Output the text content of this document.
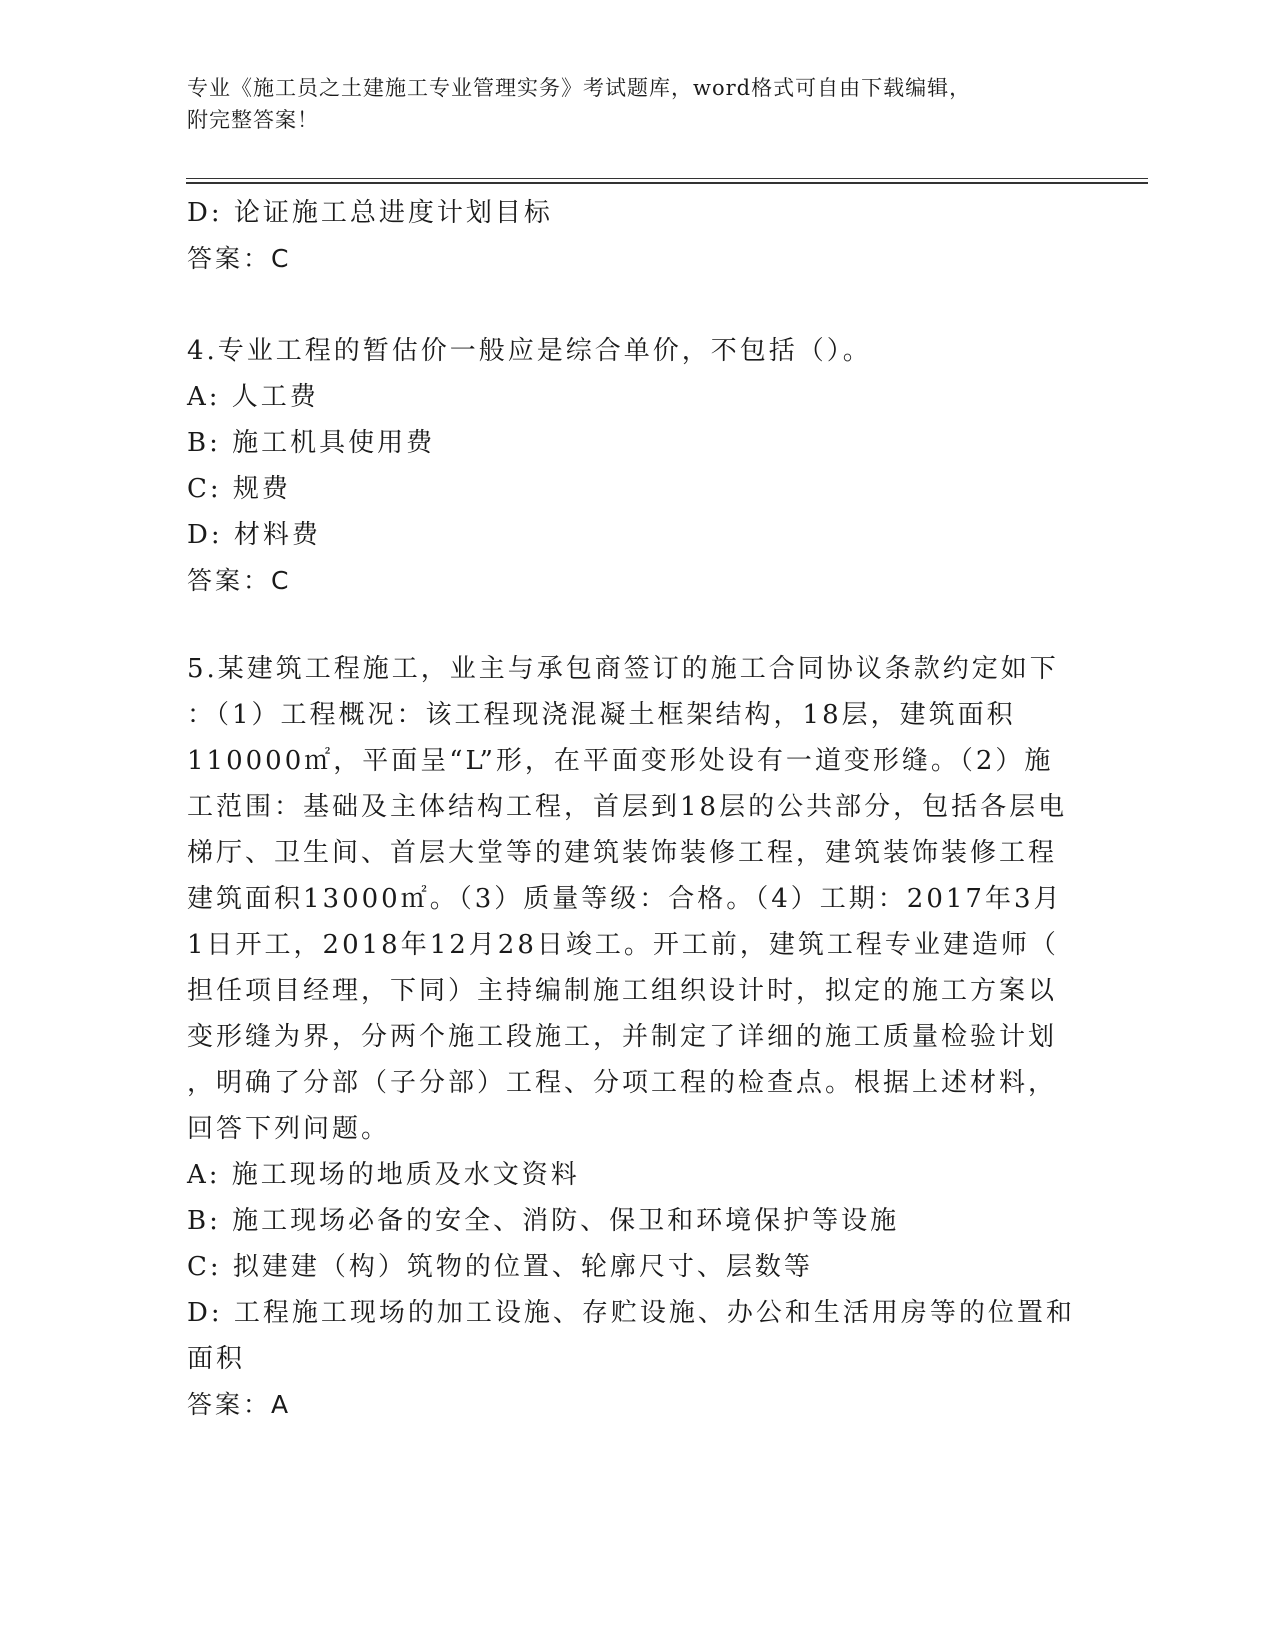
专业《施工员之土建施工专业管理实务》考试题库，word格式可自由下载编辑，
附完整答案！
D: 论证施工总进度计划目标
答案：C
4.专业工程的暂估价一般应是综合单价，不包括（）。
A: 人工费
B: 施工机具使用费
C: 规费
D: 材料费
答案：C
5.某建筑工程施工，业主与承包商签订的施工合同协议条款约定如下
：（1）工程概况：该工程现浇混凝土框架结构，18层，建筑面积
110000㎡，平面呈“L”形，在平面变形处设有一道变形缝。（2）施
工范围：基础及主体结构工程，首层到18层的公共部分，包括各层电
梯厅、卫生间、首层大堂等的建筑装饰装修工程，建筑装饰装修工程
建筑面积13000㎡。（3）质量等级：合格。（4）工期：2017年3月
1日开工，2018年12月28日竣工。开工前，建筑工程专业建造师（
担任项目经理，下同）主持编制施工组织设计时，拟定的施工方案以
变形缝为界，分两个施工段施工，并制定了详细的施工质量检验计划
，明确了分部（子分部）工程、分项工程的检查点。根据上述材料，
回答下列问题。
A: 施工现场的地质及水文资料
B: 施工现场必备的安全、消防、保卫和环境保护等设施
C: 拟建建（构）筑物的位置、轮廓尺寸、层数等
D: 工程施工现场的加工设施、存贮设施、办公和生活用房等的位置和
面积
答案：A
